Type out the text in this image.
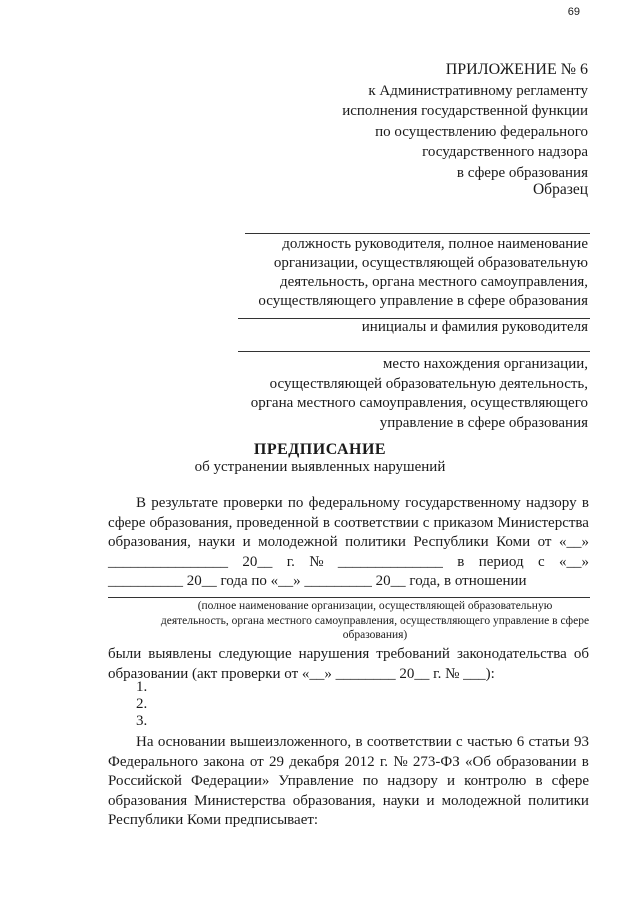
69
ПРИЛОЖЕНИЕ № 6
к Административному регламенту
исполнения государственной функции
по осуществлению федерального
государственного надзора
в сфере образования
Образец
должность руководителя, полное наименование
организации, осуществляющей образовательную
деятельность, органа местного самоуправления,
осуществляющего управление в сфере образования
инициалы и фамилия руководителя
место нахождения организации,
осуществляющей образовательную деятельность,
органа местного самоуправления, осуществляющего
управление в сфере образования
ПРЕДПИСАНИЕ
об устранении выявленных нарушений
В результате проверки по федеральному государственному надзору в
сфере образования, проведенной в соответствии с приказом Министерства
образования, науки и молодежной политики Республики Коми от «__»
________________ 20__ г. № ______________ в период с «__»
__________ 20__ года по «__» _________ 20__ года, в отношении
(полное наименование организации, осуществляющей образовательную
деятельность, органа местного самоуправления, осуществляющего управление в сфере
образования)
были выявлены следующие нарушения требований законодательства об
образовании (акт проверки от «__» ________ 20__ г. № ___):
1.
2.
3.
На основании вышеизложенного, в соответствии с частью 6 статьи 93
Федерального закона от 29 декабря 2012 г. № 273-ФЗ «Об образовании в
Российской Федерации» Управление по надзору и контролю в сфере
образования Министерства образования, науки и молодежной политики
Республики Коми предписывает:
